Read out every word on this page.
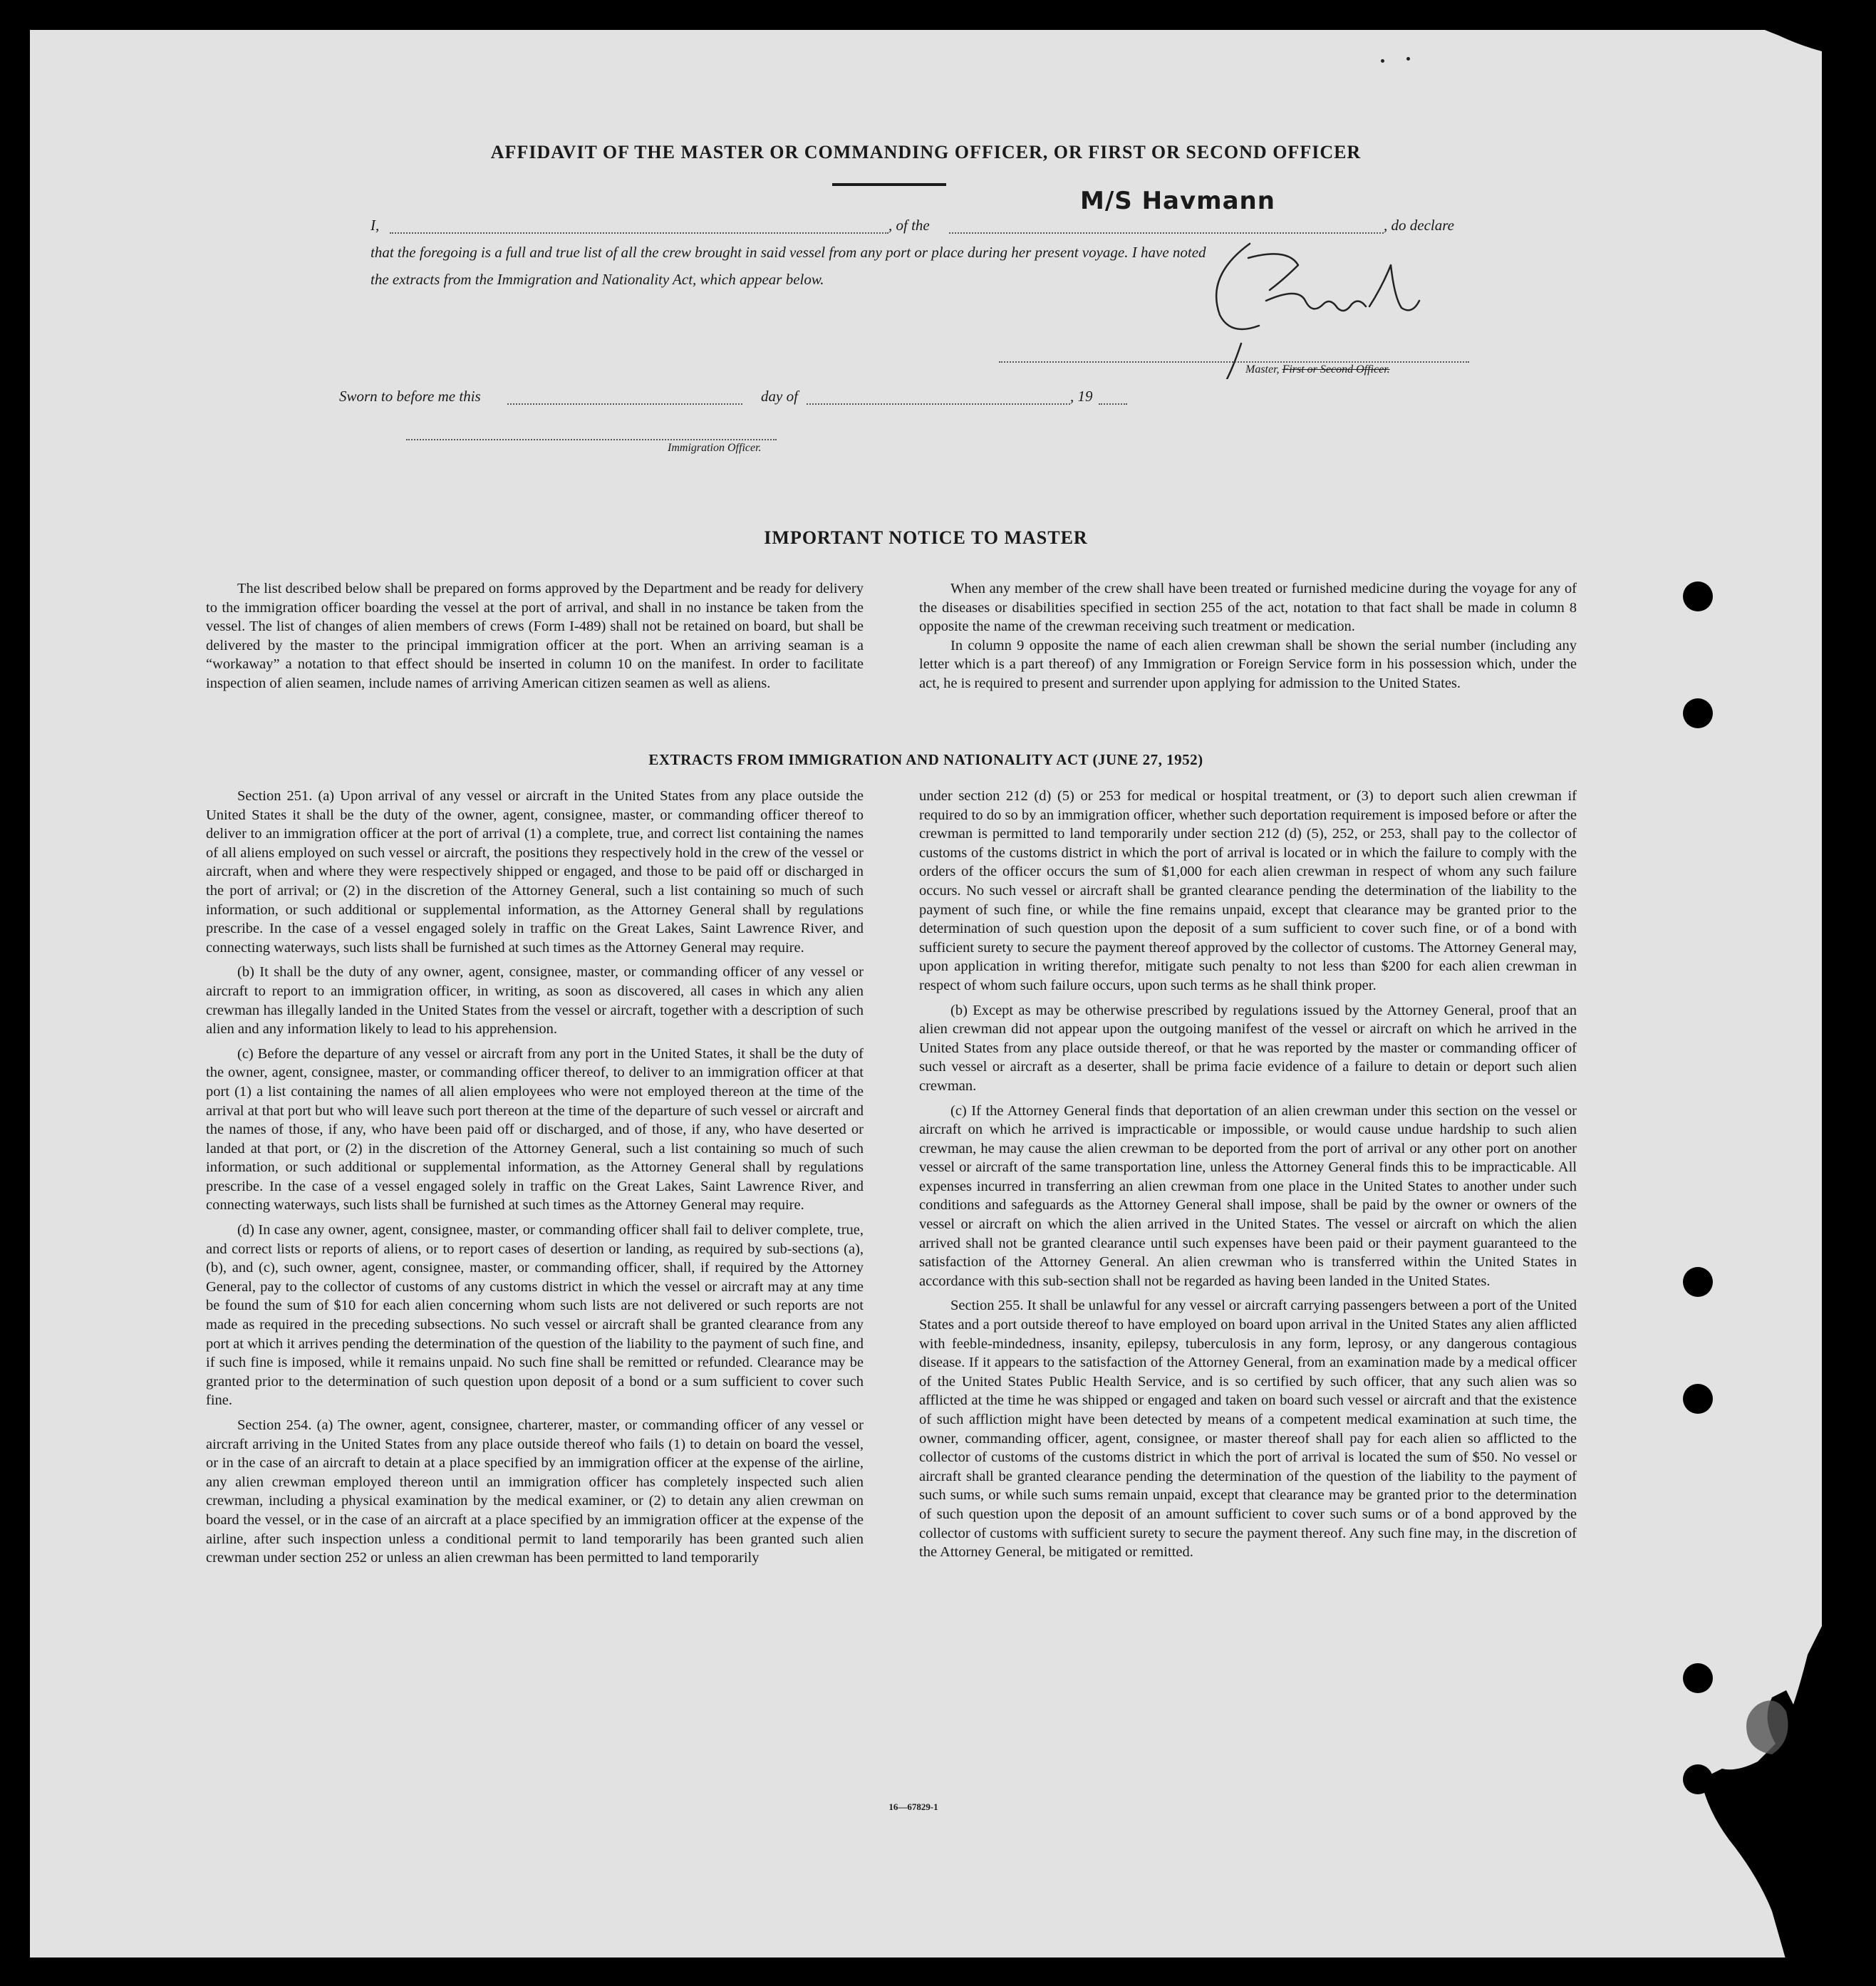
AFFIDAVIT OF THE MASTER OR COMMANDING OFFICER, OR FIRST OR SECOND OFFICER
I,	, of the
M/S Havmann
, do declare
that the foregoing is a full and true list of all the crew brought in said vessel from any port or place during her present voyage. I have noted
the extracts from the Immigration and Nationality Act, which appear below.
Master, First or Second Officer.
Sworn to before me this	day of	, 19
Immigration Officer.
IMPORTANT NOTICE TO MASTER

The list described below shall be prepared on forms approved by the Department and be ready for delivery to the immigration officer boarding the vessel at the port of arrival, and shall in no instance be taken from the vessel. The list of changes of alien members of crews (Form I-489) shall not be retained on board, but shall be delivered by the master to the principal immigration officer at the port. When an arriving seaman is a “workaway” a notation to that effect should be inserted in column 10 on the manifest. In order to facilitate inspection of alien seamen, include names of arriving American citizen seamen as well as aliens.

When any member of the crew shall have been treated or furnished medicine during the voyage for any of the diseases or disabilities specified in section 255 of the act, notation to that fact shall be made in column 8 opposite the name of the crewman receiving such treatment or medication.

In column 9 opposite the name of each alien crewman shall be shown the serial number (including any letter which is a part thereof) of any Immigration or Foreign Service form in his possession which, under the act, he is required to present and surrender upon applying for admission to the United States.

EXTRACTS FROM IMMIGRATION AND NATIONALITY ACT (JUNE 27, 1952)

Section 251. (a) Upon arrival of any vessel or aircraft in the United States from any place outside the United States it shall be the duty of the owner, agent, consignee, master, or commanding officer thereof to deliver to an immigration officer at the port of arrival (1) a complete, true, and correct list containing the names of all aliens employed on such vessel or aircraft, the positions they respectively hold in the crew of the vessel or aircraft, when and where they were respectively shipped or engaged, and those to be paid off or discharged in the port of arrival; or (2) in the discretion of the Attorney General, such a list containing so much of such information, or such additional or supplemental information, as the Attorney General shall by regulations prescribe. In the case of a vessel engaged solely in traffic on the Great Lakes, Saint Lawrence River, and connecting waterways, such lists shall be furnished at such times as the Attorney General may require.

(b) It shall be the duty of any owner, agent, consignee, master, or commanding officer of any vessel or aircraft to report to an immigration officer, in writing, as soon as discovered, all cases in which any alien crewman has illegally landed in the United States from the vessel or aircraft, together with a description of such alien and any information likely to lead to his apprehension.

(c) Before the departure of any vessel or aircraft from any port in the United States, it shall be the duty of the owner, agent, consignee, master, or commanding officer thereof, to deliver to an immigration officer at that port (1) a list containing the names of all alien employees who were not employed thereon at the time of the arrival at that port but who will leave such port thereon at the time of the departure of such vessel or aircraft and the names of those, if any, who have been paid off or discharged, and of those, if any, who have deserted or landed at that port, or (2) in the discretion of the Attorney General, such a list containing so much of such information, or such additional or supplemental information, as the Attorney General shall by regulations prescribe. In the case of a vessel engaged solely in traffic on the Great Lakes, Saint Lawrence River, and connecting waterways, such lists shall be furnished at such times as the Attorney General may require.

(d) In case any owner, agent, consignee, master, or commanding officer shall fail to deliver complete, true, and correct lists or reports of aliens, or to report cases of desertion or landing, as required by sub-sections (a), (b), and (c), such owner, agent, consignee, master, or commanding officer, shall, if required by the Attorney General, pay to the collector of customs of any customs district in which the vessel or aircraft may at any time be found the sum of $10 for each alien concerning whom such lists are not delivered or such reports are not made as required in the preceding subsections. No such vessel or aircraft shall be granted clearance from any port at which it arrives pending the determination of the question of the liability to the payment of such fine, and if such fine is imposed, while it remains unpaid. No such fine shall be remitted or refunded. Clearance may be granted prior to the determination of such question upon deposit of a bond or a sum sufficient to cover such fine.

Section 254. (a) The owner, agent, consignee, charterer, master, or commanding officer of any vessel or aircraft arriving in the United States from any place outside thereof who fails (1) to detain on board the vessel, or in the case of an aircraft to detain at a place specified by an immigration officer at the expense of the airline, any alien crewman employed thereon until an immigration officer has completely inspected such alien crewman, including a physical examination by the medical examiner, or (2) to detain any alien crewman on board the vessel, or in the case of an aircraft at a place specified by an immigration officer at the expense of the airline, after such inspection unless a conditional permit to land temporarily has been granted such alien crewman under section 252 or unless an alien crewman has been permitted to land temporarily

under section 212 (d) (5) or 253 for medical or hospital treatment, or (3) to deport such alien crewman if required to do so by an immigration officer, whether such deportation requirement is imposed before or after the crewman is permitted to land temporarily under section 212 (d) (5), 252, or 253, shall pay to the collector of customs of the customs district in which the port of arrival is located or in which the failure to comply with the orders of the officer occurs the sum of $1,000 for each alien crewman in respect of whom any such failure occurs. No such vessel or aircraft shall be granted clearance pending the determination of the liability to the payment of such fine, or while the fine remains unpaid, except that clearance may be granted prior to the determination of such question upon the deposit of a sum sufficient to cover such fine, or of a bond with sufficient surety to secure the payment thereof approved by the collector of customs. The Attorney General may, upon application in writing therefor, mitigate such penalty to not less than $200 for each alien crewman in respect of whom such failure occurs, upon such terms as he shall think proper.

(b) Except as may be otherwise prescribed by regulations issued by the Attorney General, proof that an alien crewman did not appear upon the outgoing manifest of the vessel or aircraft on which he arrived in the United States from any place outside thereof, or that he was reported by the master or commanding officer of such vessel or aircraft as a deserter, shall be prima facie evidence of a failure to detain or deport such alien crewman.

(c) If the Attorney General finds that deportation of an alien crewman under this section on the vessel or aircraft on which he arrived is impracticable or impossible, or would cause undue hardship to such alien crewman, he may cause the alien crewman to be deported from the port of arrival or any other port on another vessel or aircraft of the same transportation line, unless the Attorney General finds this to be impracticable. All expenses incurred in transferring an alien crewman from one place in the United States to another under such conditions and safeguards as the Attorney General shall impose, shall be paid by the owner or owners of the vessel or aircraft on which the alien arrived in the United States. The vessel or aircraft on which the alien arrived shall not be granted clearance until such expenses have been paid or their payment guaranteed to the satisfaction of the Attorney General. An alien crewman who is transferred within the United States in accordance with this sub-section shall not be regarded as having been landed in the United States.

Section 255. It shall be unlawful for any vessel or aircraft carrying passengers between a port of the United States and a port outside thereof to have employed on board upon arrival in the United States any alien afflicted with feeble-mindedness, insanity, epilepsy, tuberculosis in any form, leprosy, or any dangerous contagious disease. If it appears to the satisfaction of the Attorney General, from an examination made by a medical officer of the United States Public Health Service, and is so certified by such officer, that any such alien was so afflicted at the time he was shipped or engaged and taken on board such vessel or aircraft and that the existence of such affliction might have been detected by means of a competent medical examination at such time, the owner, commanding officer, agent, consignee, or master thereof shall pay for each alien so afflicted to the collector of customs of the customs district in which the port of arrival is located the sum of $50. No vessel or aircraft shall be granted clearance pending the determination of the question of the liability to the payment of such sums, or while such sums remain unpaid, except that clearance may be granted prior to the determination of such question upon the deposit of an amount sufficient to cover such sums or of a bond approved by the collector of customs with sufficient surety to secure the payment thereof. Any such fine may, in the discretion of the Attorney General, be mitigated or remitted.

16—67829-1
